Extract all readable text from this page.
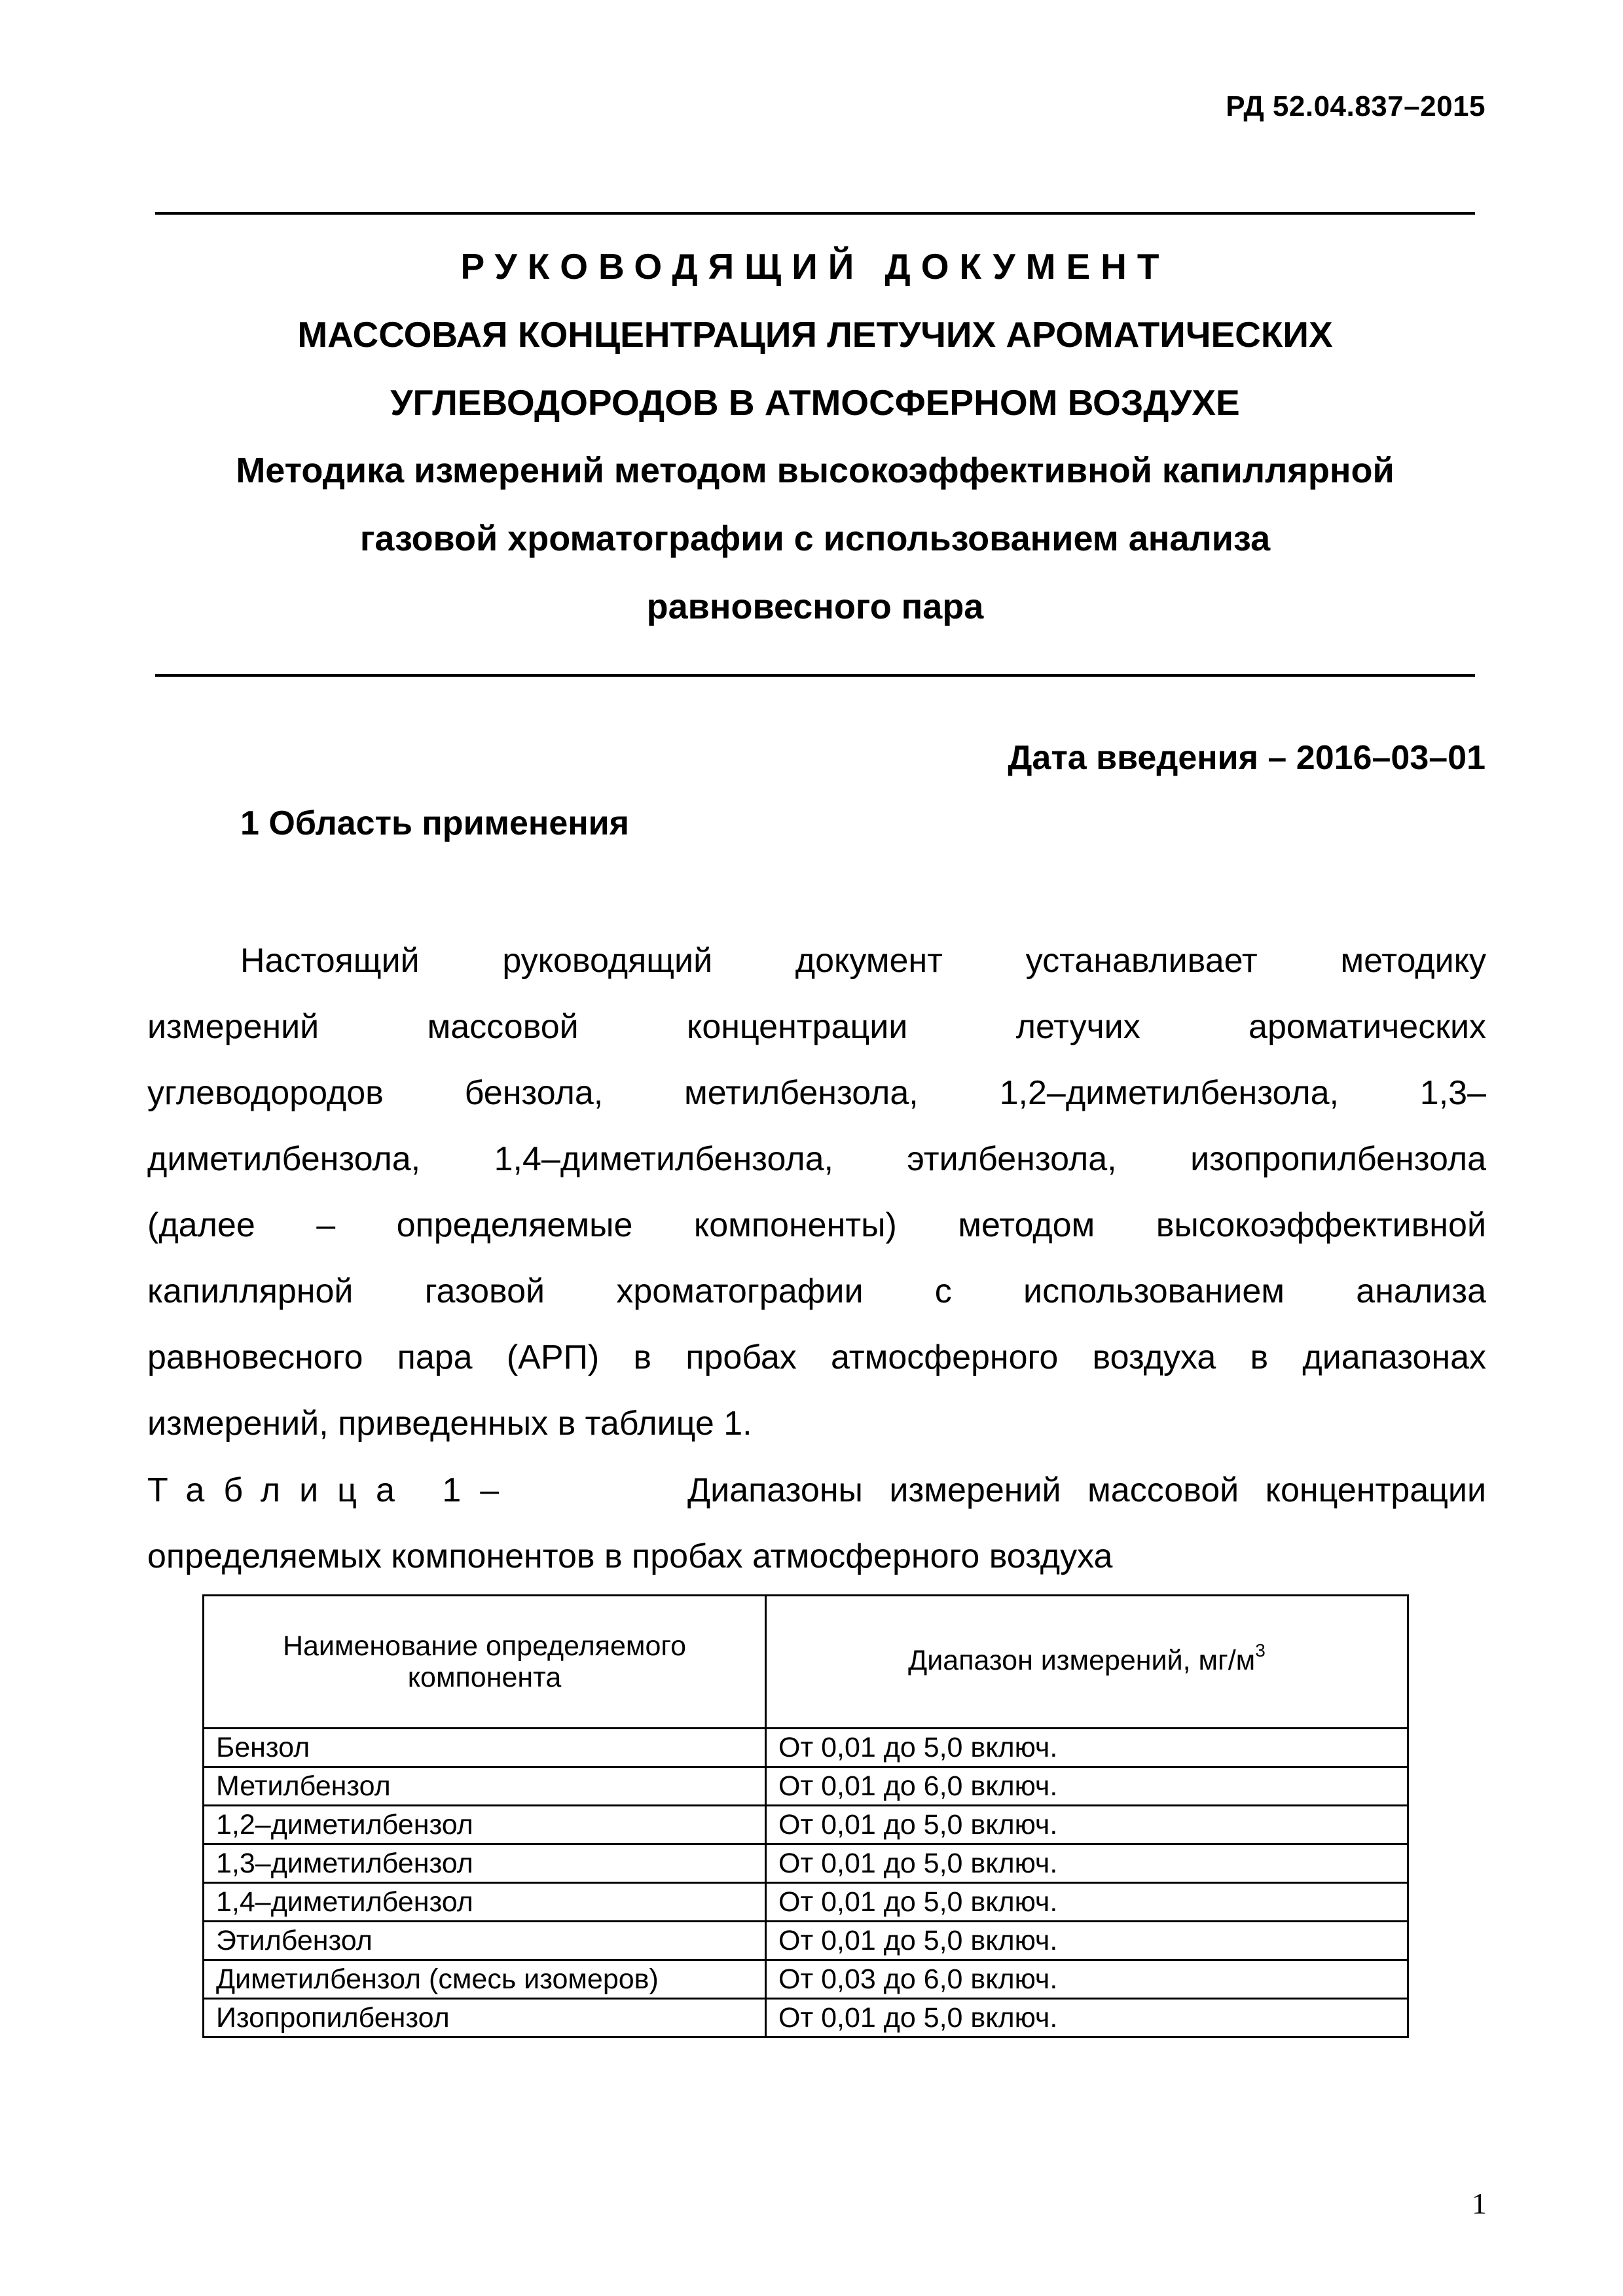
РД 52.04.837–2015
РУКОВОДЯЩИЙ ДОКУМЕНТ
МАССОВАЯ КОНЦЕНТРАЦИЯ ЛЕТУЧИХ АРОМАТИЧЕСКИХ
УГЛЕВОДОРОДОВ В АТМОСФЕРНОМ ВОЗДУХЕ
Методика измерений методом высокоэффективной капиллярной
газовой хроматографии с использованием анализа
равновесного пара
Дата введения – 2016–03–01
1 Область применения
Настоящий руководящий документ устанавливает методику
измерений массовой концентрации летучих ароматических
углеводородов бензола, метилбензола, 1,2–диметилбензола, 1,3–
диметилбензола, 1,4–диметилбензола, этилбензола, изопропилбензола
(далее – определяемые компоненты) методом высокоэффективной
капиллярной газовой хроматографии с использованием анализа
равновесного пара (АРП) в пробах атмосферного воздуха в диапазонах
измерений, приведенных в таблице 1.
Таблица 1–	Диапазоны измерений массовой концентрации
определяемых компонентов в пробах атмосферного воздуха
Наименование определяемого компонента	Диапазон измерений, $мг/м^3$
Бензол	От 0,01 до 5,0 включ.
Метилбензол	От 0,01 до 6,0 включ.
1,2–диметилбензол	От 0,01 до 5,0 включ.
1,3–диметилбензол	От 0,01 до 5,0 включ.
1,4–диметилбензол	От 0,01 до 5,0 включ.
Этилбензол	От 0,01 до 5,0 включ.
Диметилбензол (смесь изомеров)	От 0,03 до 6,0 включ.
Изопропилбензол	От 0,01 до 5,0 включ.
1
